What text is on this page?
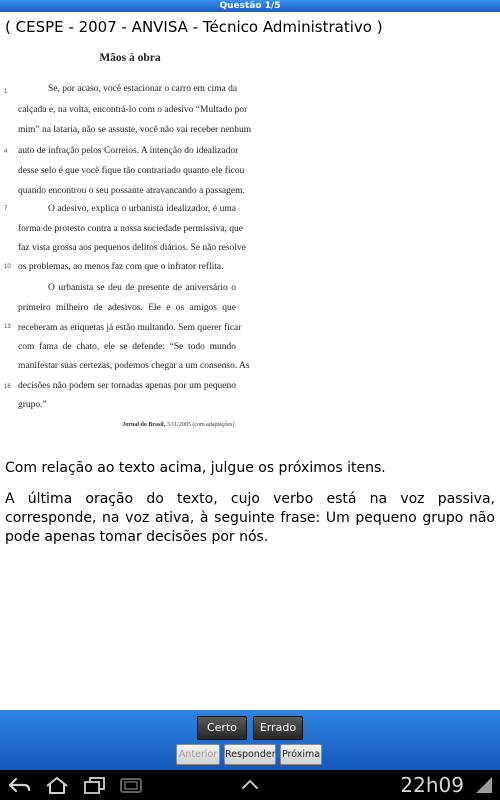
Questão 1/5
( CESPE - 2007 - ANVISA - Técnico Administrativo )
Mãos à obra
1
4
7
10
13
16
Se, por acaso, você estacionar o carro em cima da
calçada e, na volta, encontrá-lo com o adesivo “Multado por
mim” na lataria, não se assuste, você não vai receber nenhum
auto de infração pelos Correios. A intenção do idealizador
desse selo é que você fique tão contrariado quanto ele ficou
quando encontrou o seu possante atravancando a passagem.
O adesivo, explica o urbanista idealizador, é uma
forma de protesto contra a nossa sociedade permissiva, que
faz vista grossa aos pequenos delitos diários. Se não resolve
os problemas, ao menos faz com que o infrator reflita.
O urbanista se deu de presente de aniversário o
primeiro milheiro de adesivos. Ele e os amigos que
receberam as etiquetas já estão multando. Sem querer ficar
com fama de chato, ele se defende: “Se todo mundo
manifestar suas certezas, podemos chegar a um consenso. As
decisões não podem ser tomadas apenas por um pequeno
grupo.”
Jornal do Brasil, 3/11/2005 (com adaptações).
Com relação ao texto acima, julgue os próximos itens.
A última oração do texto, cujo verbo está na voz passiva, corresponde, na voz ativa, à seguinte frase: Um pequeno grupo não pode apenas tomar decisões por nós.
Certo	Errado
Anterior Responder Próxima
22h09
